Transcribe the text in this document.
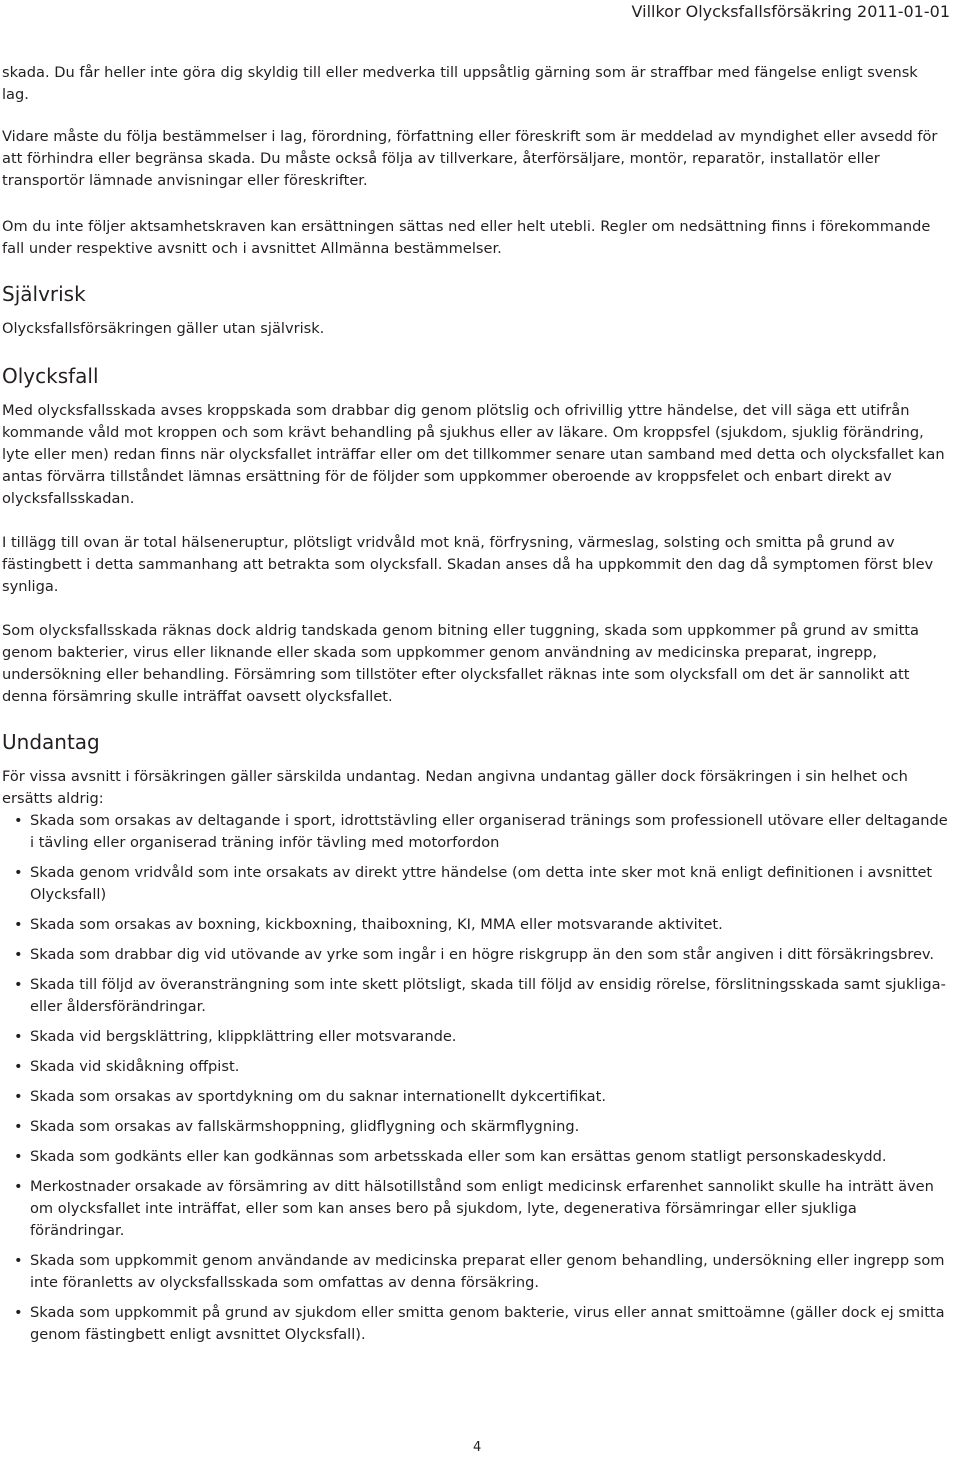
Villkor Olycksfallsförsäkring 2011-01-01

skada. Du får heller inte göra dig skyldig till eller medverka till uppsåtlig gärning som är straffbar med fängelse enligt svensk lag.

Vidare måste du följa bestämmelser i lag, förordning, författning eller föreskrift som är meddelad av myndighet eller avsedd för att förhindra eller begränsa skada. Du måste också följa av tillverkare, återförsäljare, montör, reparatör, installatör eller transportör lämnade anvisningar eller föreskrifter.

Om du inte följer aktsamhetskraven kan ersättningen sättas ned eller helt utebli. Regler om nedsättning finns i förekommande fall under respektive avsnitt och i avsnittet Allmänna bestämmelser.

Självrisk

Olycksfallsförsäkringen gäller utan självrisk.

Olycksfall

Med olycksfallsskada avses kroppskada som drabbar dig genom plötslig och ofrivillig yttre händelse, det vill säga ett utifrån kommande våld mot kroppen och som krävt behandling på sjukhus eller av läkare. Om kroppsfel (sjukdom, sjuklig förändring, lyte eller men) redan finns när olycksfallet inträffar eller om det tillkommer senare utan samband med detta och olycksfallet kan antas förvärra tillståndet lämnas ersättning för de följder som uppkommer oberoende av kroppsfelet och enbart direkt av olycksfallsskadan.

I tillägg till ovan är total hälseneruptur, plötsligt vridvåld mot knä, förfrysning, värmeslag, solsting och smitta på grund av fästingbett i detta sammanhang att betrakta som olycksfall. Skadan anses då ha uppkommit den dag då symptomen först blev synliga.

Som olycksfallsskada räknas dock aldrig tandskada genom bitning eller tuggning, skada som uppkommer på grund av smitta genom bakterier, virus eller liknande eller skada som uppkommer genom användning av medicinska preparat, ingrepp, undersökning eller behandling. Försämring som tillstöter efter olycksfallet räknas inte som olycksfall om det är sannolikt att denna försämring skulle inträffat oavsett olycksfallet.

Undantag

För vissa avsnitt i försäkringen gäller särskilda undantag. Nedan angivna undantag gäller dock försäkringen i sin helhet och ersätts aldrig:

• Skada som orsakas av deltagande i sport, idrottstävling eller organiserad tränings som professionell utövare eller deltagande i tävling eller organiserad träning inför tävling med motorfordon
• Skada genom vridvåld som inte orsakats av direkt yttre händelse (om detta inte sker mot knä enligt definitionen i avsnittet Olycksfall)
• Skada som orsakas av boxning, kickboxning, thaiboxning, KI, MMA eller motsvarande aktivitet.
• Skada som drabbar dig vid utövande av yrke som ingår i en högre riskgrupp än den som står angiven i ditt försäkringsbrev.
• Skada till följd av överansträngning som inte skett plötsligt, skada till följd av ensidig rörelse, förslitningsskada samt sjukliga- eller åldersförändringar.
• Skada vid bergsklättring, klippklättring eller motsvarande.
• Skada vid skidåkning offpist.
• Skada som orsakas av sportdykning om du saknar internationellt dykcertifikat.
• Skada som orsakas av fallskärmshoppning, glidflygning och skärmflygning.
• Skada som godkänts eller kan godkännas som arbetsskada eller som kan ersättas genom statligt personskadeskydd.
• Merkostnader orsakade av försämring av ditt hälsotillstånd som enligt medicinsk erfarenhet sannolikt skulle ha inträtt även om olycksfallet inte inträffat, eller som kan anses bero på sjukdom, lyte, degenerativa försämringar eller sjukliga förändringar.
• Skada som uppkommit genom användande av medicinska preparat eller genom behandling, undersökning eller ingrepp som inte föranletts av olycksfallsskada som omfattas av denna försäkring.
• Skada som uppkommit på grund av sjukdom eller smitta genom bakterie, virus eller annat smittoämne (gäller dock ej smitta genom fästingbett enligt avsnittet Olycksfall).
4
